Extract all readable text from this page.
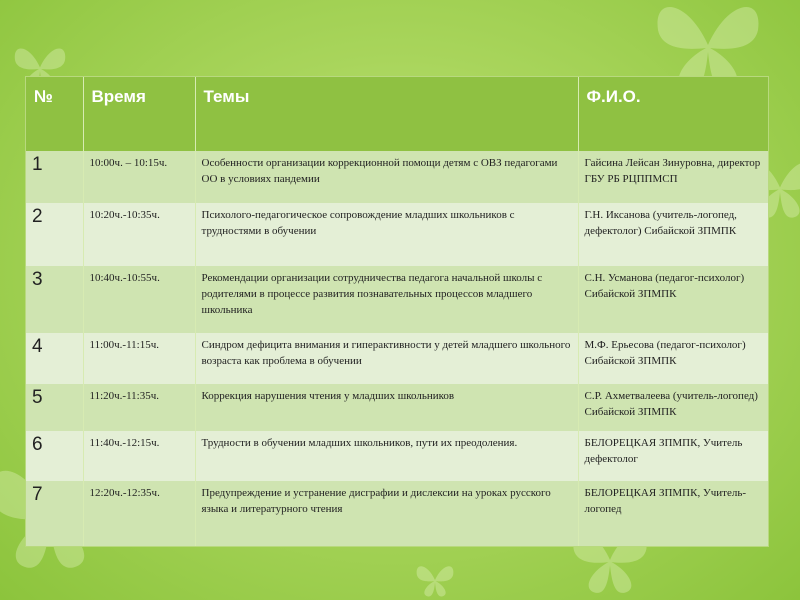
№	Время	Темы	Ф.И.О.
1	10:00ч. – 10:15ч.	Особенности организации коррекционной помощи детям с ОВЗ педагогами ОО в условиях пандемии	Гайсина Лейсан Зинуровна, директор ГБУ РБ РЦППМСП
2	10:20ч.-10:35ч.	Психолого-педагогическое сопровождение младших школьников с трудностями в обучении	Г.Н. Иксанова (учитель-логопед, дефектолог) Сибайской ЗПМПК
3	10:40ч.-10:55ч.	Рекомендации организации сотрудничества педагога начальной школы с родителями в процессе развития познавательных процессов младшего школьника	С.Н. Усманова (педагог-психолог) Сибайской ЗПМПК
4	11:00ч.-11:15ч.	Синдром дефицита внимания и гиперактивности у детей младшего школьного возраста как проблема в обучении	М.Ф. Ерьесова (педагог-психолог) Сибайской ЗПМПК
5	11:20ч.-11:35ч.	Коррекция нарушения чтения у младших школьников	С.Р. Ахметвалеева (учитель-логопед) Сибайской ЗПМПК
6	11:40ч.-12:15ч.	Трудности в обучении младших школьников, пути их преодоления.	БЕЛОРЕЦКАЯ ЗПМПК, Учитель дефектолог
7	12:20ч.-12:35ч.	Предупреждение и устранение дисграфии и дислексии на уроках русского языка и литературного чтения	БЕЛОРЕЦКАЯ ЗПМПК, Учитель-логопед
